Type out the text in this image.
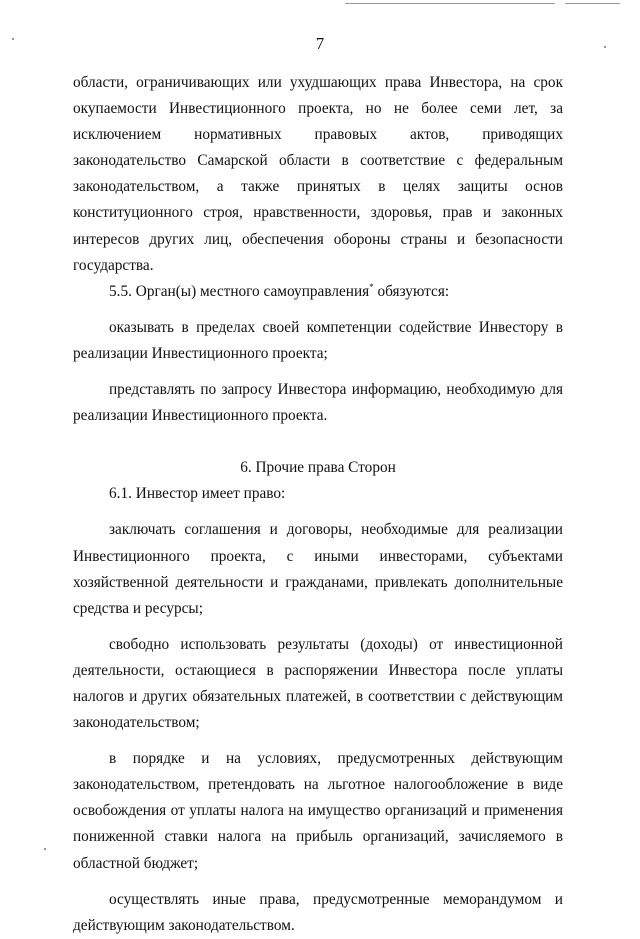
7

области, ограничивающих или ухудшающих права Инвестора, на срок окупаемости Инвестиционного проекта, но не более семи лет, за исключением нормативных правовых актов, приводящих законодательство Самарской области в соответствие с федеральным законодательством, а также принятых в целях защиты основ конституционного строя, нравственности, здоровья, прав и законных интересов других лиц, обеспечения обороны страны и безопасности государства.

5.5. Орган(ы) местного самоуправления* обязуются:

оказывать в пределах своей компетенции содействие Инвестору в реализации Инвестиционного проекта;

представлять по запросу Инвестора информацию, необходимую для реализации Инвестиционного проекта.

6. Прочие права Сторон

6.1. Инвестор имеет право:

заключать соглашения и договоры, необходимые для реализации Инвестиционного проекта, с иными инвесторами, субъектами хозяйственной деятельности и гражданами, привлекать дополнительные средства и ресурсы;

свободно использовать результаты (доходы) от инвестиционной деятельности, остающиеся в распоряжении Инвестора после уплаты налогов и других обязательных платежей, в соответствии с действующим законодательством;

в порядке и на условиях, предусмотренных действующим законодательством, претендовать на льготное налогообложение в виде освобождения от уплаты налога на имущество организаций и применения пониженной ставки налога на прибыль организаций, зачисляемого в областной бюджет;

осуществлять иные права, предусмотренные меморандумом и действующим законодательством.
